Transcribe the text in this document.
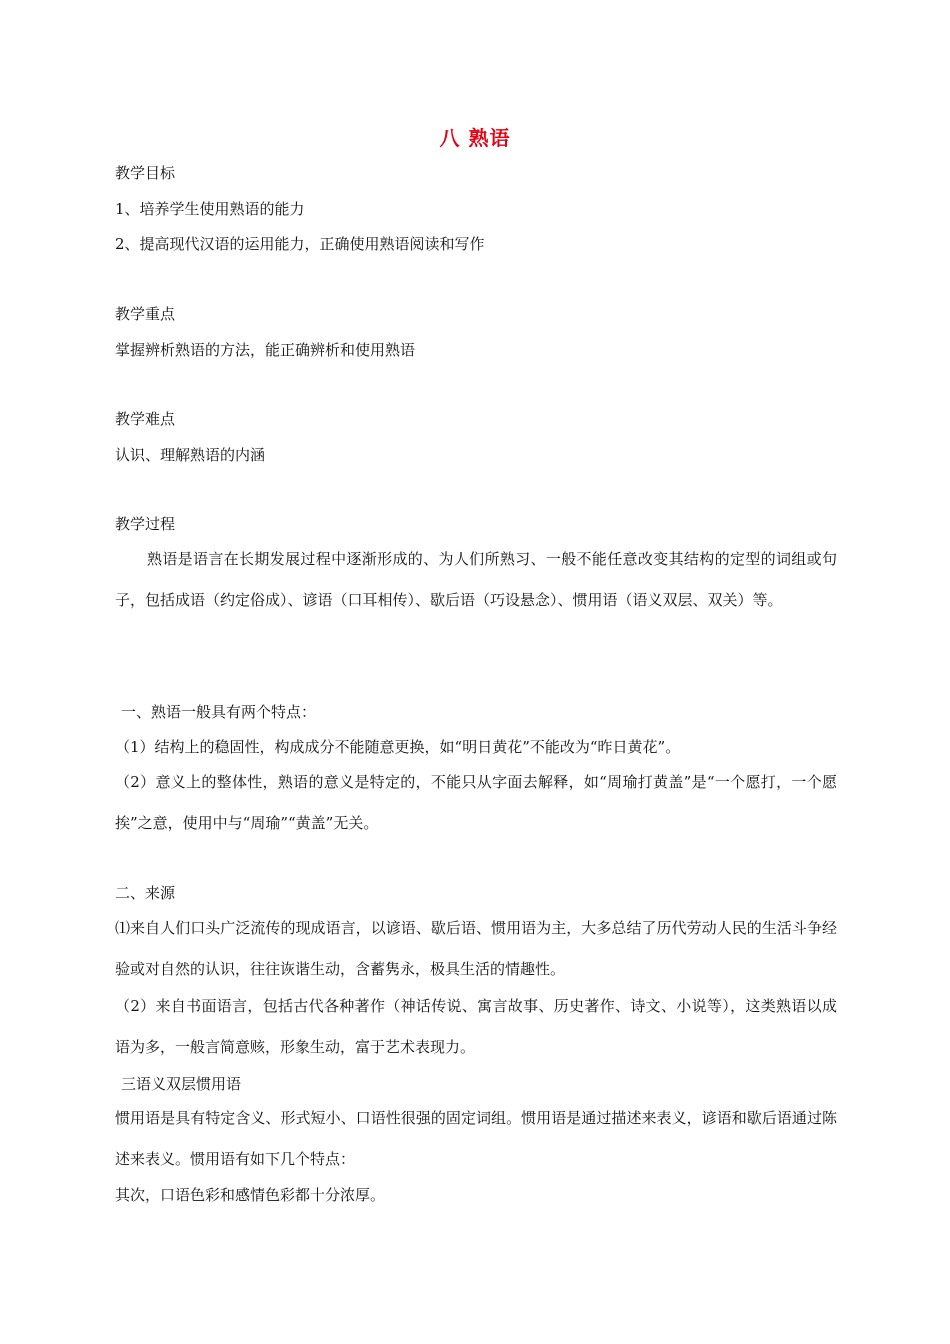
八 熟语
教学目标
1、培养学生使用熟语的能力
2、提高现代汉语的运用能力，正确使用熟语阅读和写作
教学重点
掌握辨析熟语的方法，能正确辨析和使用熟语
教学难点
认识、理解熟语的内涵
教学过程
熟语是语言在长期发展过程中逐渐形成的、为人们所熟习、一般不能任意改变其结构的定型的词组或句子，包括成语（约定俗成）、谚语（口耳相传）、歇后语（巧设悬念）、惯用语（语义双层、双关）等。
一、熟语一般具有两个特点：
（1）结构上的稳固性，构成成分不能随意更换，如“明日黄花”不能改为“昨日黄花”。
（2）意义上的整体性，熟语的意义是特定的，不能只从字面去解释，如“周瑜打黄盖”是“一个愿打，一个愿挨”之意，使用中与“周瑜”“黄盖”无关。
二、来源
⑴来自人们口头广泛流传的现成语言，以谚语、歇后语、惯用语为主，大多总结了历代劳动人民的生活斗争经验或对自然的认识，往往诙谐生动，含蓄隽永，极具生活的情趣性。
（2）来自书面语言，包括古代各种著作（神话传说、寓言故事、历史著作、诗文、小说等），这类熟语以成语为多，一般言简意赅，形象生动，富于艺术表现力。
三语义双层惯用语
惯用语是具有特定含义、形式短小、口语性很强的固定词组。惯用语是通过描述来表义，谚语和歇后语通过陈述来表义。惯用语有如下几个特点：
其次，口语色彩和感情色彩都十分浓厚。
